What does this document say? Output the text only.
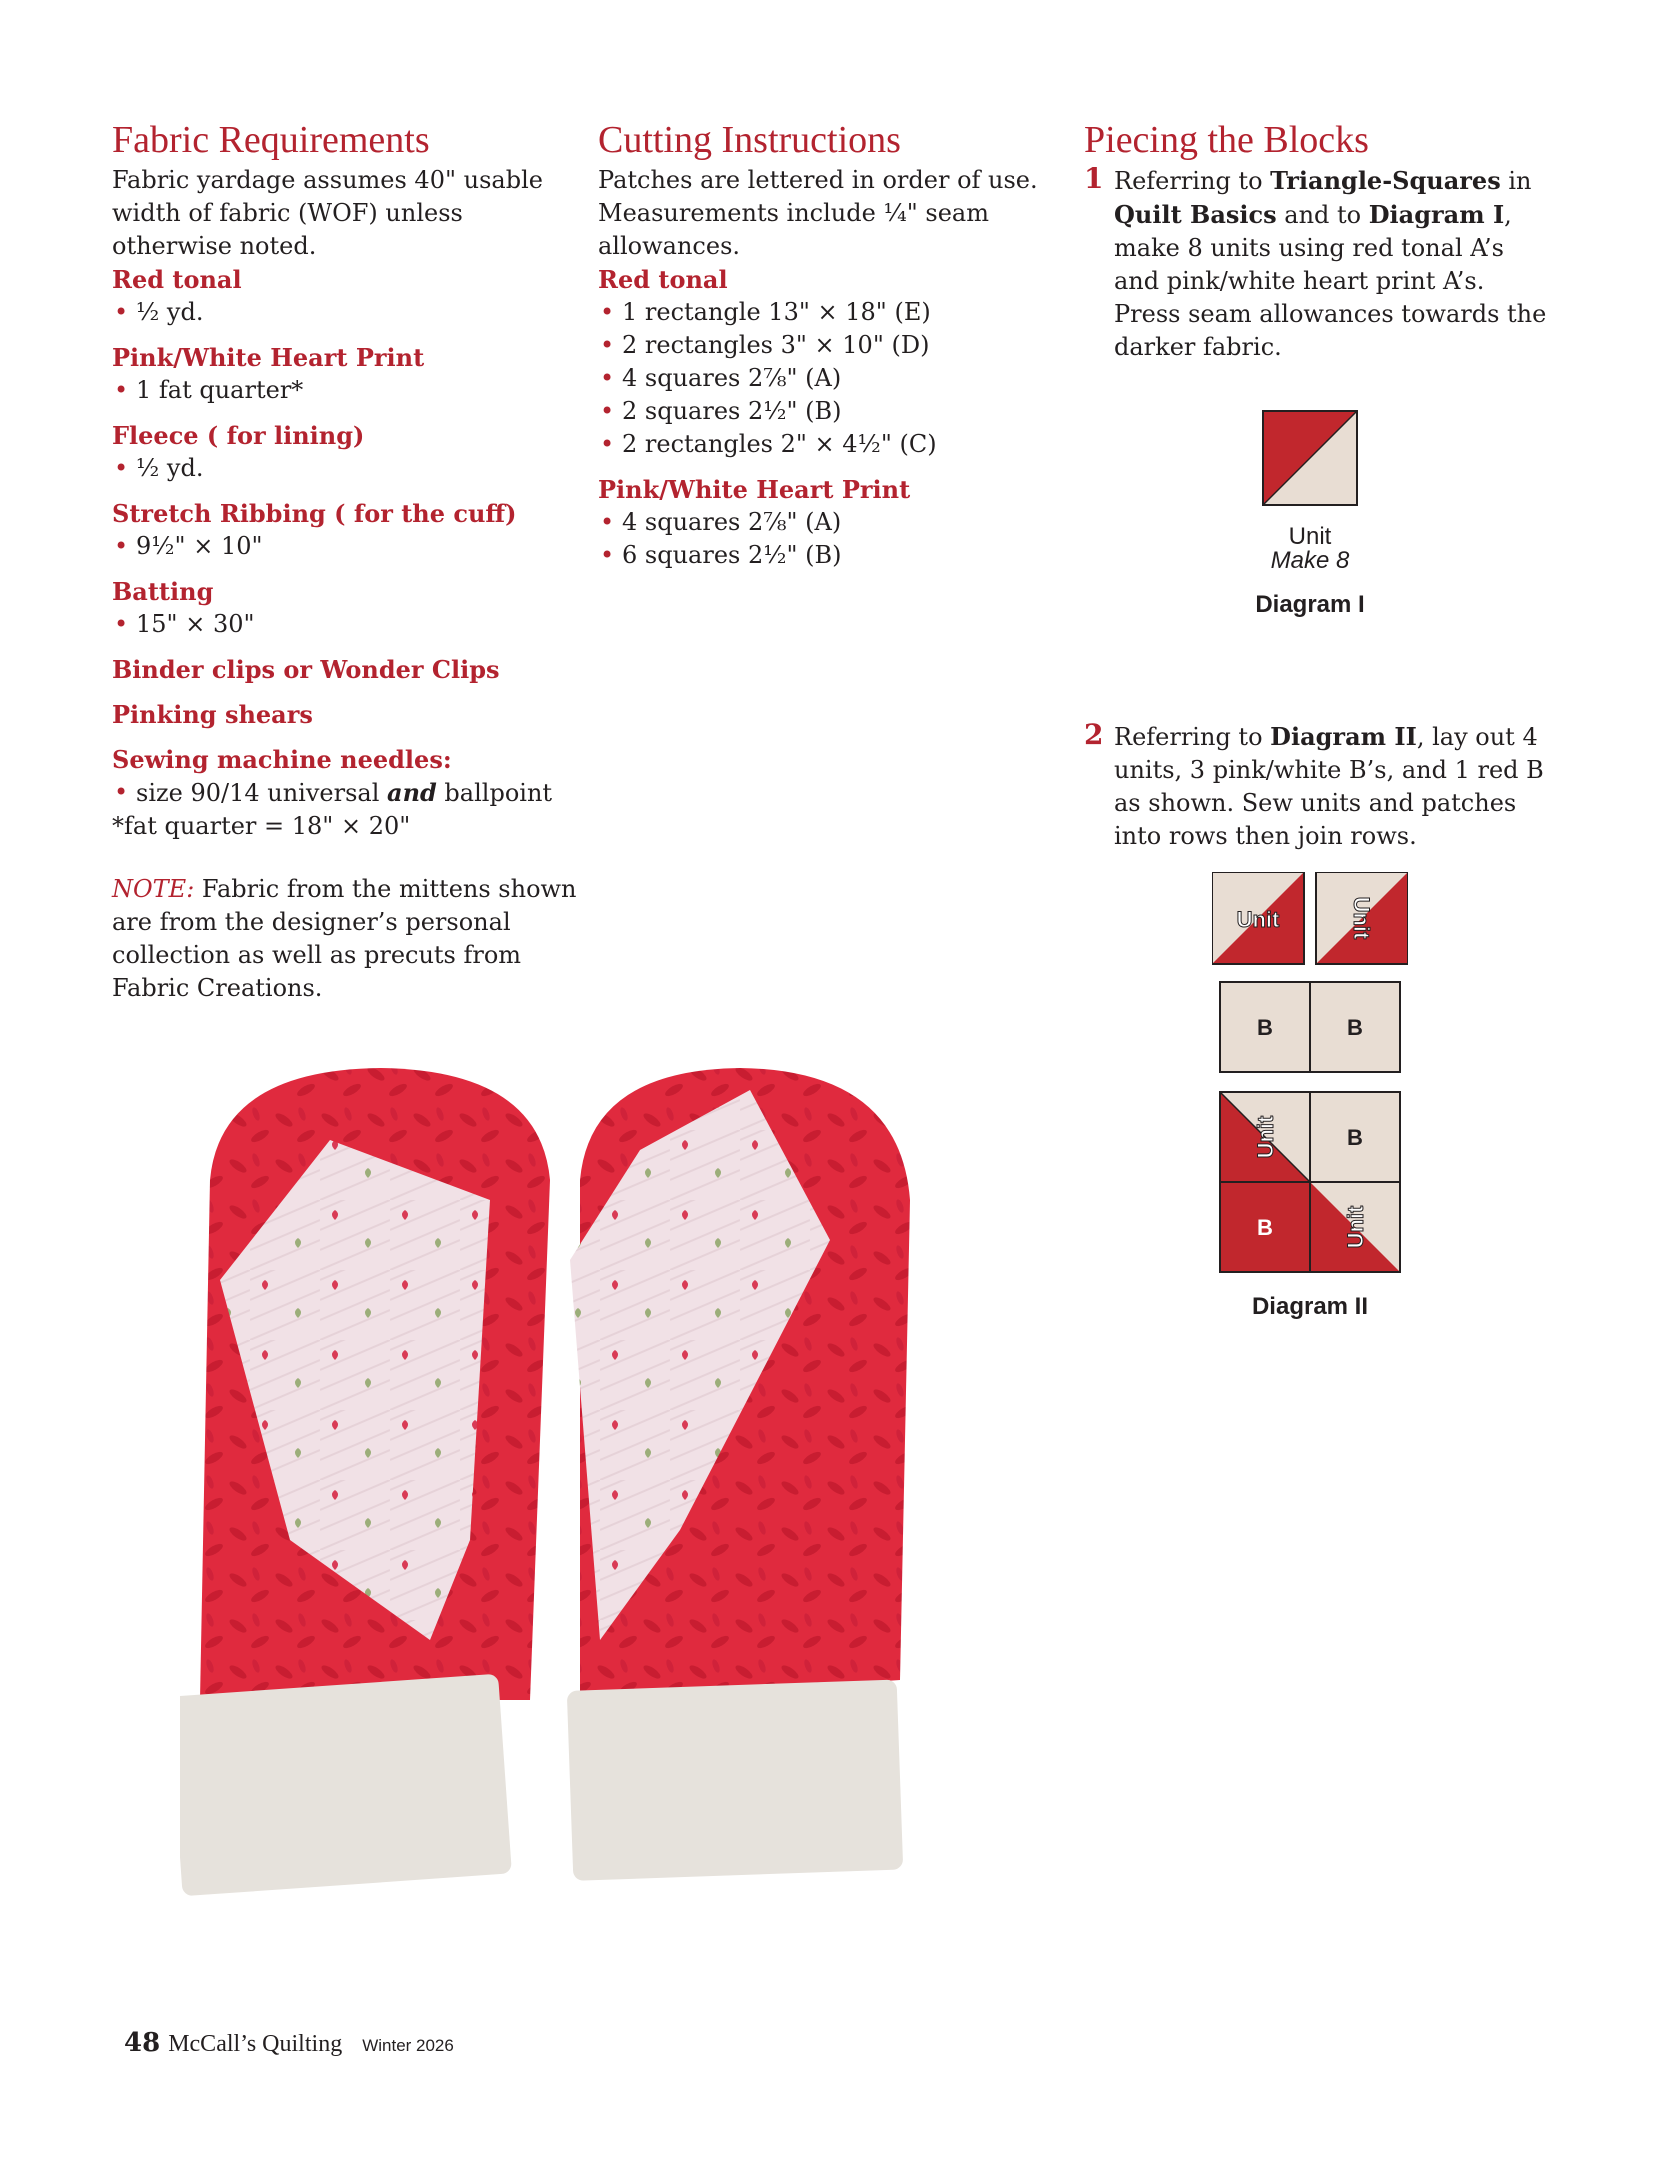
Fabric Requirements

Fabric yardage assumes 40" usable width of fabric (WOF) unless otherwise noted.

Red tonal
• ½ yd.
Pink/White Heart Print
• 1 fat quarter*
Fleece ( for lining)
• ½ yd.
Stretch Ribbing ( for the cuff)
• 9½" × 10"
Batting
• 15" × 30"
Binder clips or Wonder Clips
Pinking shears
Sewing machine needles:
• size 90/14 universal and ballpoint

*fat quarter = 18" × 20"

NOTE: Fabric from the mittens shown are from the designer’s personal collection as well as precuts from Fabric Creations.

Cutting Instructions

Patches are lettered in order of use. Measurements include ¼" seam allowances.

Red tonal
• 1 rectangle 13" × 18" (E)
• 2 rectangles 3" × 10" (D)
• 4 squares 2⅞" (A)
• 2 squares 2½" (B)
• 2 rectangles 2" × 4½" (C)
Pink/White Heart Print
• 4 squares 2⅞" (A)
• 6 squares 2½" (B)
Piecing the Blocks
1 Referring to Triangle-Squares in Quilt Basics and to Diagram I, make 8 units using red tonal A’s and pink/white heart print A’s. Press seam allowances towards the darker fabric.
2 Referring to Diagram II, lay out 4 units, 3 pink/white B’s, and 1 red B as shown. Sew units and patches into rows then join rows.
Unit
Make 8
Diagram I
Unit	Unit
B	B
Unit	B
B	Unit
Diagram II
48 McCall’s Quilting Winter 2026
